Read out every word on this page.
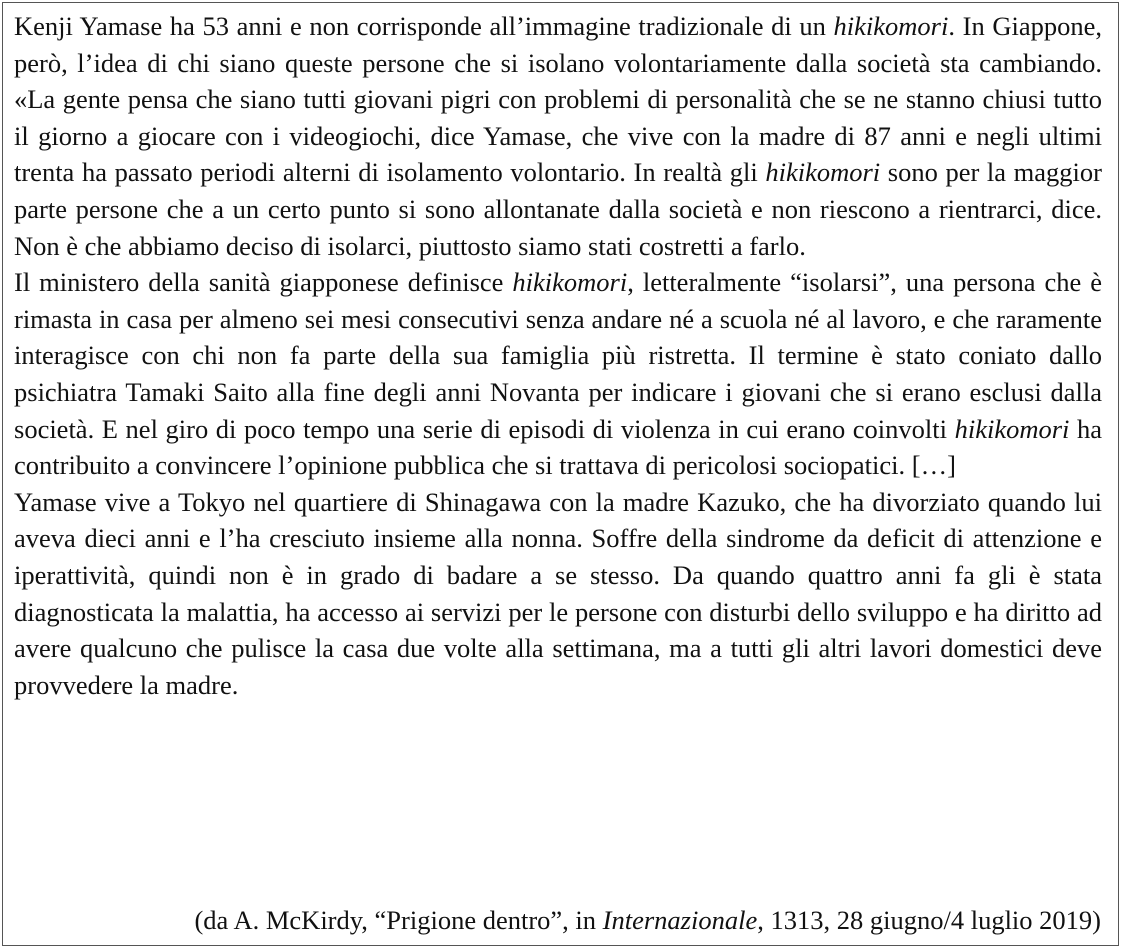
Kenji Yamase ha 53 anni e non corrisponde all’immagine tradizionale di un hikikomori. In Giappone, però, l’idea di chi siano queste persone che si isolano volontariamente dalla società sta cambiando. «La gente pensa che siano tutti giovani pigri con problemi di personalità che se ne stanno chiusi tutto il giorno a giocare con i videogiochi, dice Yamase, che vive con la madre di 87 anni e negli ultimi trenta ha passato periodi alterni di isolamento volontario. In realtà gli hikikomori sono per la maggior parte persone che a un certo punto si sono allontanate dalla società e non riescono a rientrarci, dice. Non è che abbiamo deciso di isolarci, piuttosto siamo stati costretti a farlo.

Il ministero della sanità giapponese definisce hikikomori, letteralmente “isolarsi”, una persona che è rimasta in casa per almeno sei mesi consecutivi senza andare né a scuola né al lavoro, e che raramente interagisce con chi non fa parte della sua famiglia più ristretta. Il termine è stato coniato dallo psichiatra Tamaki Saito alla fine degli anni Novanta per indicare i giovani che si erano esclusi dalla società. E nel giro di poco tempo una serie di episodi di violenza in cui erano coinvolti hikikomori ha contribuito a convincere l’opinione pubblica che si trattava di pericolosi sociopatici. […]

Yamase vive a Tokyo nel quartiere di Shinagawa con la madre Kazuko, che ha divorziato quando lui aveva dieci anni e l’ha cresciuto insieme alla nonna. Soffre della sindrome da deficit di attenzione e iperattività, quindi non è in grado di badare a se stesso. Da quando quattro anni fa gli è stata diagnosticata la malattia, ha accesso ai servizi per le persone con disturbi dello sviluppo e ha diritto ad avere qualcuno che pulisce la casa due volte alla settimana, ma a tutti gli altri lavori domestici deve provvedere la madre.

(da A. McKirdy, “Prigione dentro”, in Internazionale, 1313, 28 giugno/4 luglio 2019)
